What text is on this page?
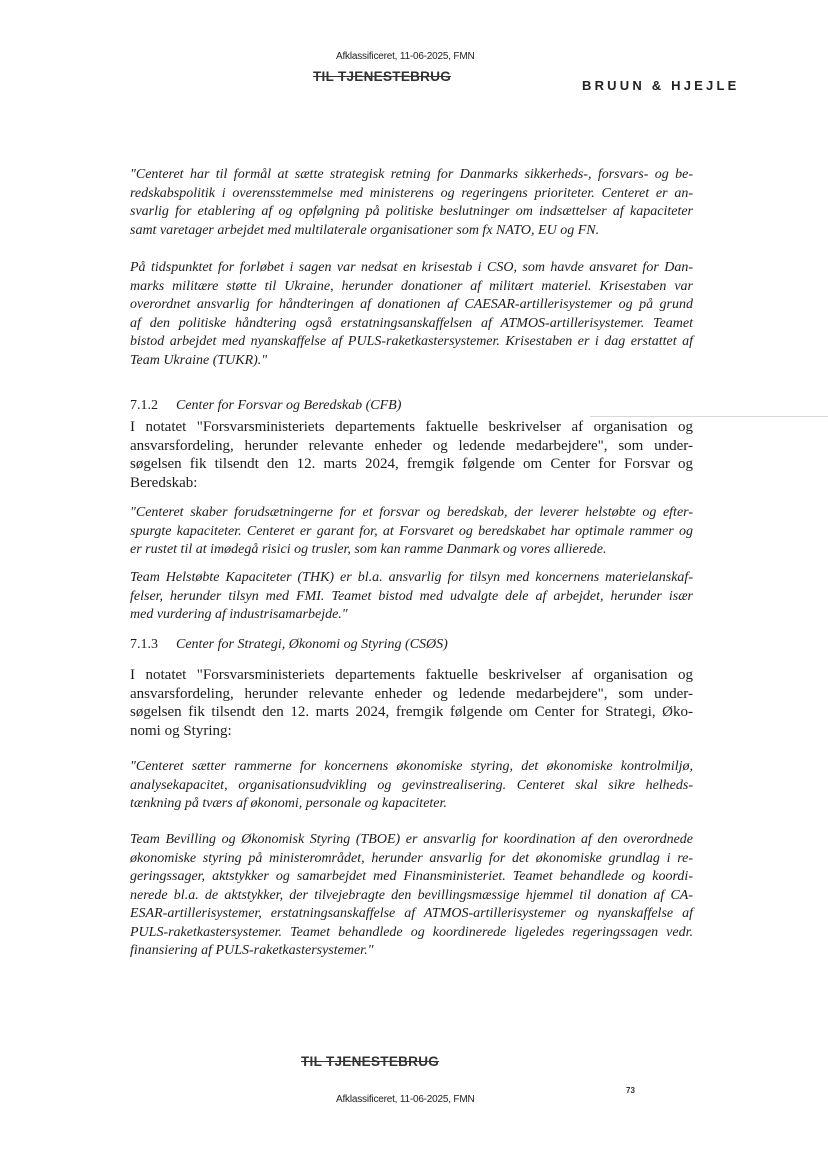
Afklassificeret, 11-06-2025, FMN
TIL TJENESTEBRUG
BRUUN & HJEJLE
7.1.2 Center for Forsvar og Beredskab (CFB)
7.1.3 Center for Strategi, Økonomi og Styring (CSØS)
"Centeret har til formål at sætte strategisk retning for Danmarks sikkerheds-, forsvars- og be-
redskabspolitik i overensstemmelse med ministerens og regeringens prioriteter. Centeret er an-
svarlig for etablering af og opfølgning på politiske beslutninger om indsættelser af kapaciteter
samt varetager arbejdet med multilaterale organisationer som fx NATO, EU og FN.
På tidspunktet for forløbet i sagen var nedsat en krisestab i CSO, som havde ansvaret for Dan-
marks militære støtte til Ukraine, herunder donationer af militært materiel. Krisestaben var
overordnet ansvarlig for håndteringen af donationen af CAESAR-artillerisystemer og på grund
af den politiske håndtering også erstatningsanskaffelsen af ATMOS-artillerisystemer. Teamet
bistod arbejdet med nyanskaffelse af PULS-raketkastersystemer. Krisestaben er i dag erstattet af
Team Ukraine (TUKR)."
I notatet "Forsvarsministeriets departements faktuelle beskrivelser af organisation og
ansvarsfordeling, herunder relevante enheder og ledende medarbejdere", som under-
søgelsen fik tilsendt den 12. marts 2024, fremgik følgende om Center for Forsvar og
Beredskab:
"Centeret skaber forudsætningerne for et forsvar og beredskab, der leverer helstøbte og efter-
spurgte kapaciteter. Centeret er garant for, at Forsvaret og beredskabet har optimale rammer og
er rustet til at imødegå risici og trusler, som kan ramme Danmark og vores allierede.
Team Helstøbte Kapaciteter (THK) er bl.a. ansvarlig for tilsyn med koncernens materielanskaf-
felser, herunder tilsyn med FMI. Teamet bistod med udvalgte dele af arbejdet, herunder især
med vurdering af industrisamarbejde."
I notatet "Forsvarsministeriets departements faktuelle beskrivelser af organisation og
ansvarsfordeling, herunder relevante enheder og ledende medarbejdere", som under-
søgelsen fik tilsendt den 12. marts 2024, fremgik følgende om Center for Strategi, Øko-
nomi og Styring:
"Centeret sætter rammerne for koncernens økonomiske styring, det økonomiske kontrolmiljø,
analysekapacitet, organisationsudvikling og gevinstrealisering. Centeret skal sikre helheds-
tænkning på tværs af økonomi, personale og kapaciteter.
Team Bevilling og Økonomisk Styring (TBOE) er ansvarlig for koordination af den overordnede
økonomiske styring på ministerområdet, herunder ansvarlig for det økonomiske grundlag i re-
geringssager, aktstykker og samarbejdet med Finansministeriet. Teamet behandlede og koordi-
nerede bl.a. de aktstykker, der tilvejebragte den bevillingsmæssige hjemmel til donation af CA-
ESAR-artillerisystemer, erstatningsanskaffelse af ATMOS-artillerisystemer og nyanskaffelse af
PULS-raketkastersystemer. Teamet behandlede og koordinerede ligeledes regeringssagen vedr.
finansiering af PULS-raketkastersystemer."
TIL TJENESTEBRUG
Afklassificeret, 11-06-2025, FMN
73
